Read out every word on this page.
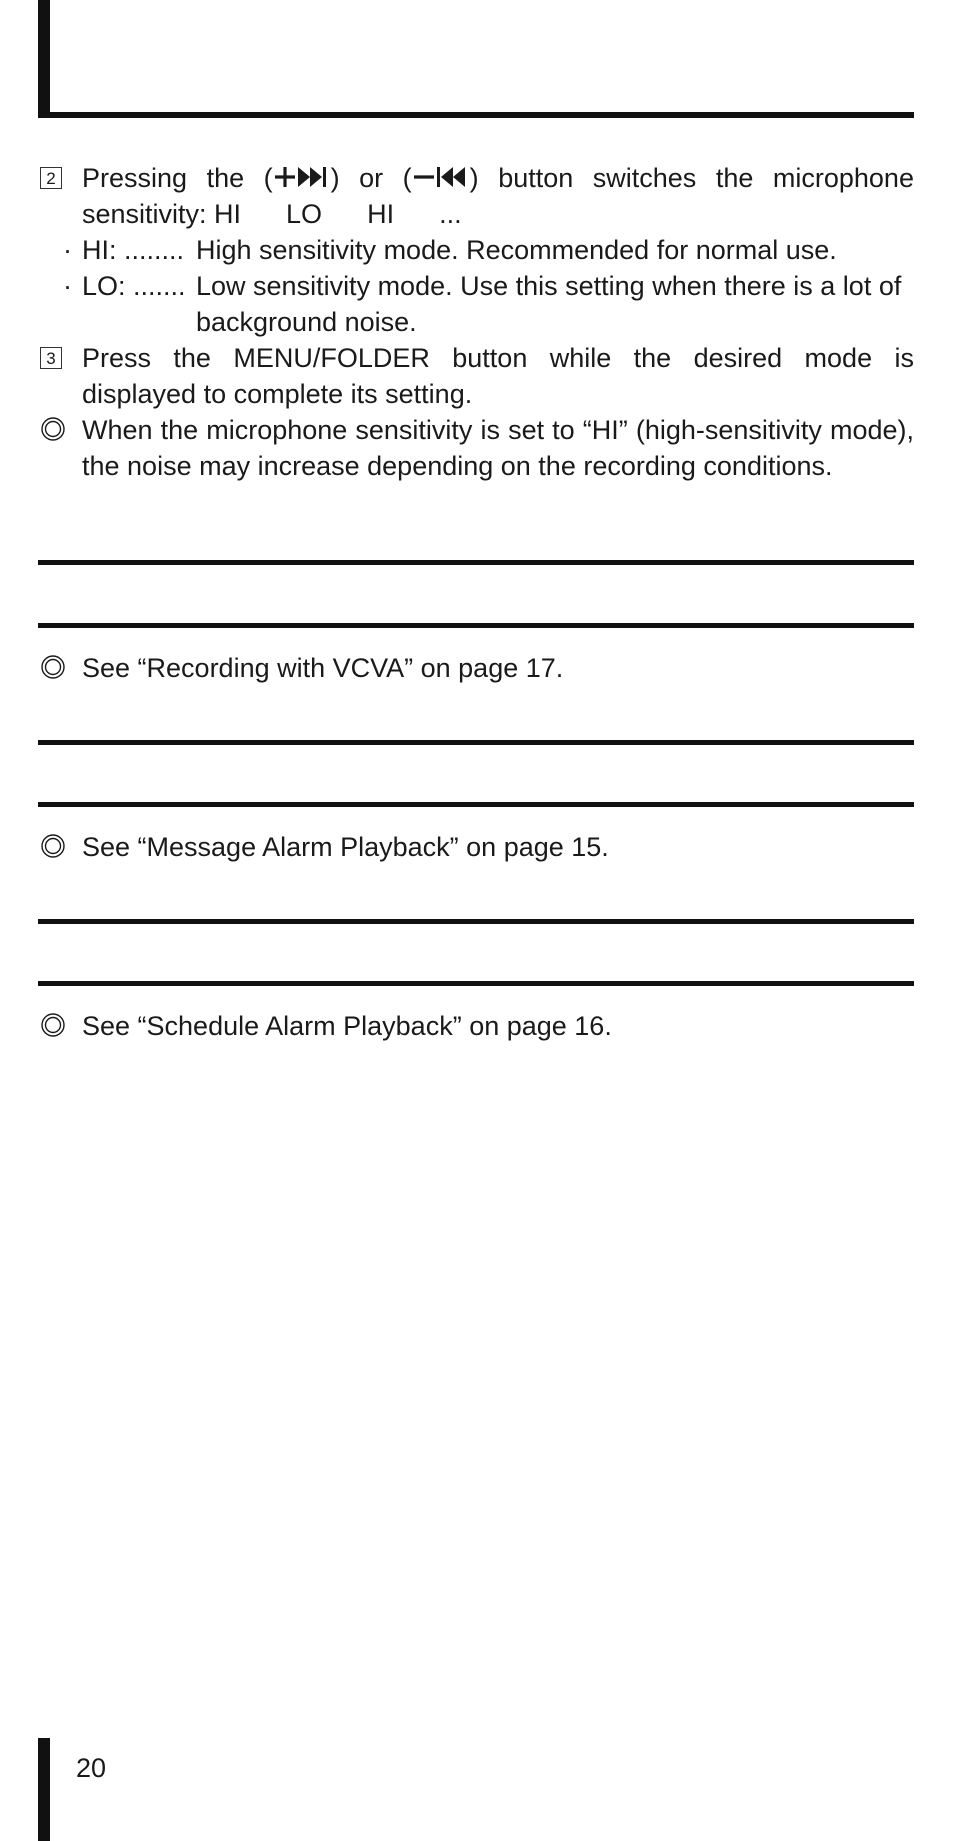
2 Pressing the ( ) or ( ) button switches the microphone
sensitivity: HI      LO      HI      ...
· HI: ........ High sensitivity mode. Recommended for normal use.
· LO: ....... Low sensitivity mode. Use this setting when there is a lot of background noise.
3 Press the MENU/FOLDER button while the desired mode is displayed to complete its setting.
When the microphone sensitivity is set to “HI” (high-sensitivity mode), the noise may increase depending on the recording conditions.
See “Recording with VCVA” on page 17.
See “Message Alarm Playback” on page 15.
See “Schedule Alarm Playback” on page 16.
20
